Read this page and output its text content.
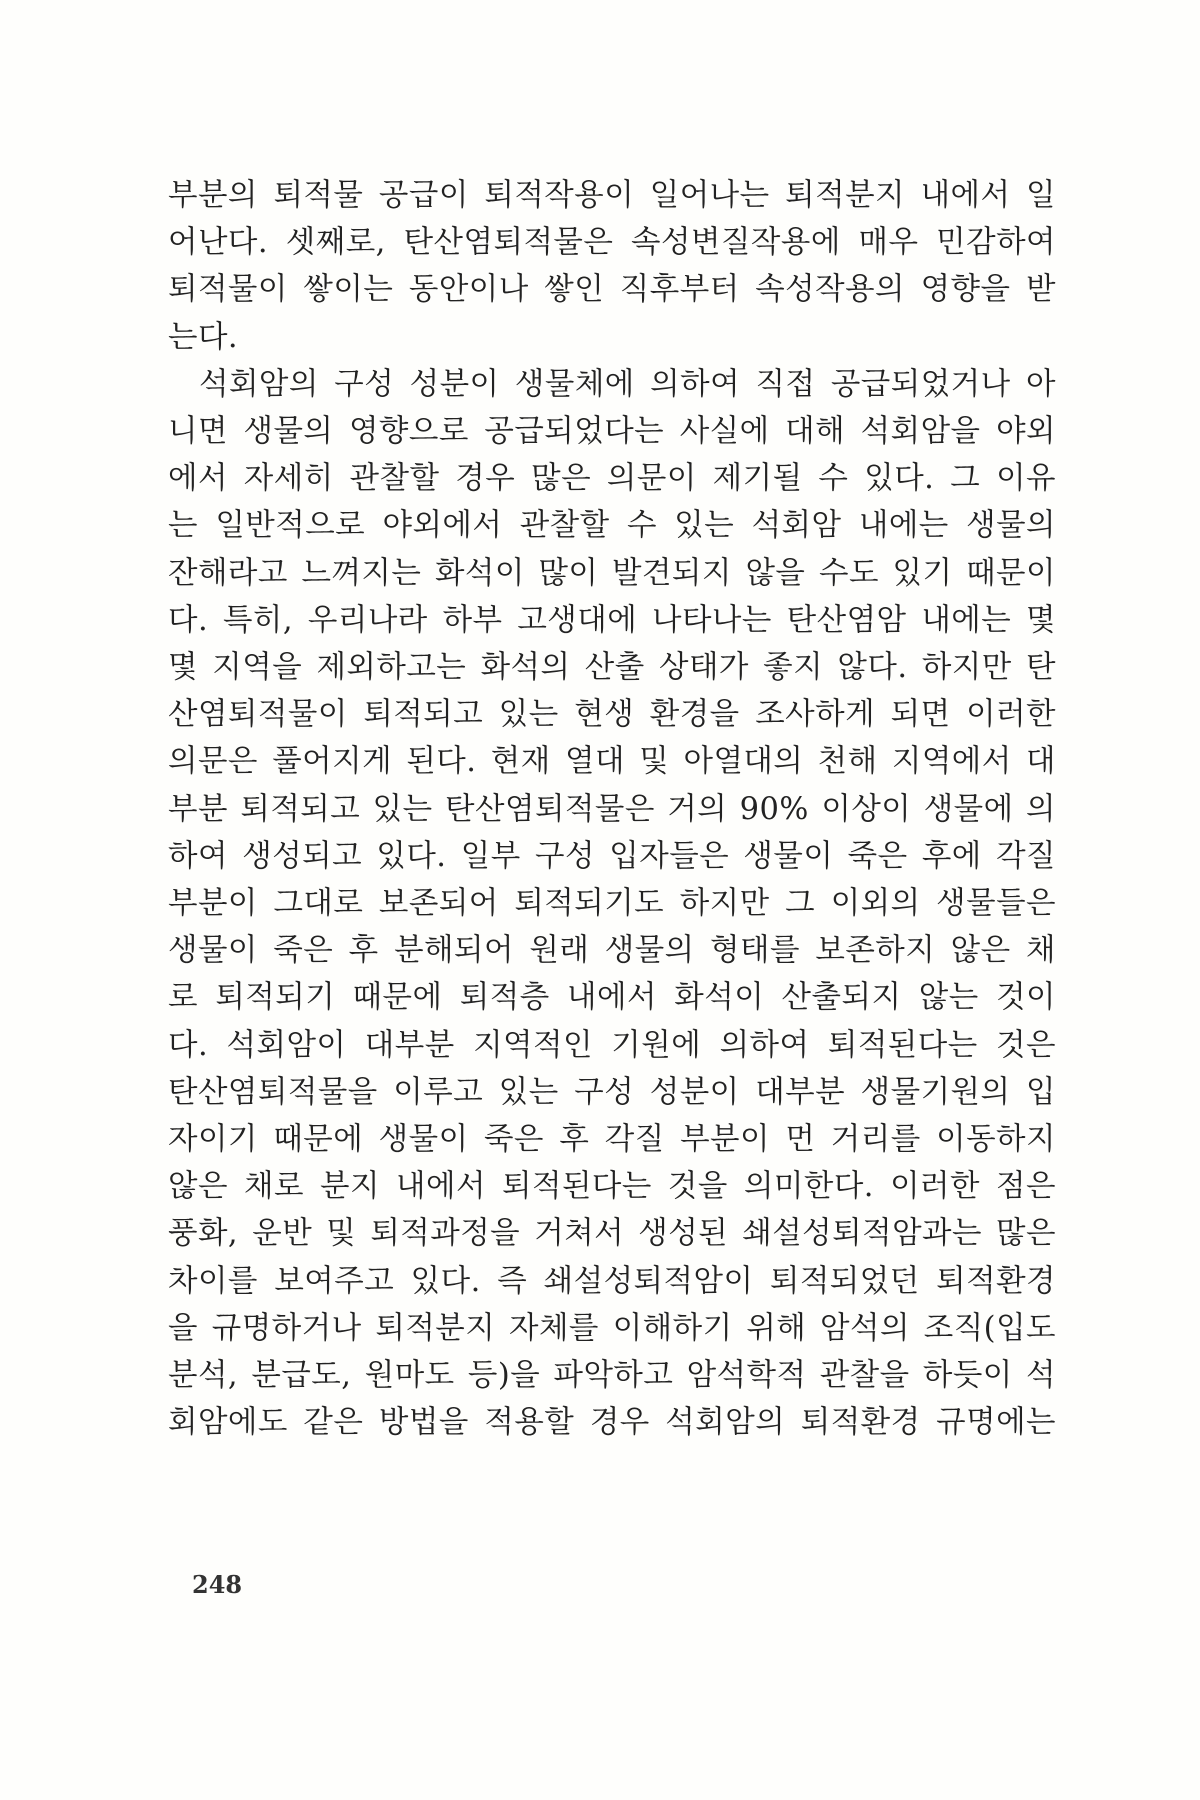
부분의 퇴적물 공급이 퇴적작용이 일어나는 퇴적분지 내에서 일

어난다. 셋째로, 탄산염퇴적물은 속성변질작용에 매우 민감하여

퇴적물이 쌓이는 동안이나 쌓인 직후부터 속성작용의 영향을 받

는다.

석회암의 구성 성분이 생물체에 의하여 직접 공급되었거나 아

니면 생물의 영향으로 공급되었다는 사실에 대해 석회암을 야외

에서 자세히 관찰할 경우 많은 의문이 제기될 수 있다. 그 이유

는 일반적으로 야외에서 관찰할 수 있는 석회암 내에는 생물의

잔해라고 느껴지는 화석이 많이 발견되지 않을 수도 있기 때문이

다. 특히, 우리나라 하부 고생대에 나타나는 탄산염암 내에는 몇

몇 지역을 제외하고는 화석의 산출 상태가 좋지 않다. 하지만 탄

산염퇴적물이 퇴적되고 있는 현생 환경을 조사하게 되면 이러한

의문은 풀어지게 된다. 현재 열대 및 아열대의 천해 지역에서 대

부분 퇴적되고 있는 탄산염퇴적물은 거의 90% 이상이 생물에 의

하여 생성되고 있다. 일부 구성 입자들은 생물이 죽은 후에 각질

부분이 그대로 보존되어 퇴적되기도 하지만 그 이외의 생물들은

생물이 죽은 후 분해되어 원래 생물의 형태를 보존하지 않은 채

로 퇴적되기 때문에 퇴적층 내에서 화석이 산출되지 않는 것이

다. 석회암이 대부분 지역적인 기원에 의하여 퇴적된다는 것은

탄산염퇴적물을 이루고 있는 구성 성분이 대부분 생물기원의 입

자이기 때문에 생물이 죽은 후 각질 부분이 먼 거리를 이동하지

않은 채로 분지 내에서 퇴적된다는 것을 의미한다. 이러한 점은

풍화, 운반 및 퇴적과정을 거쳐서 생성된 쇄설성퇴적암과는 많은

차이를 보여주고 있다. 즉 쇄설성퇴적암이 퇴적되었던 퇴적환경

을 규명하거나 퇴적분지 자체를 이해하기 위해 암석의 조직(입도

분석, 분급도, 원마도 등)을 파악하고 암석학적 관찰을 하듯이 석

회암에도 같은 방법을 적용할 경우 석회암의 퇴적환경 규명에는

248
